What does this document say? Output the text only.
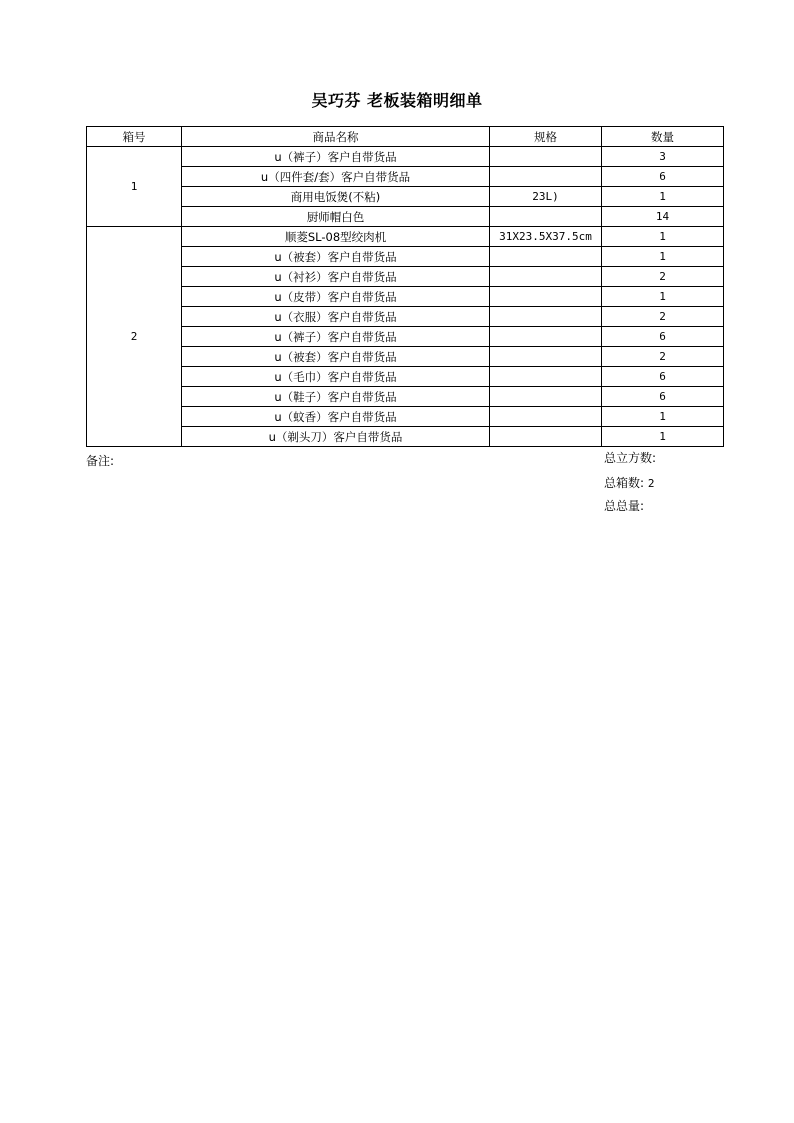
吴巧芬 老板装箱明细单
箱号	商品名称	规格	数量
1	u（裤子）客户自带货品		3
	u（四件套/套）客户自带货品		6
	商用电饭煲(不粘)	23L)	1
	厨师帽白色		14
2	顺菱SL-08型绞肉机	31X23.5X37.5cm	1
	u（被套）客户自带货品		1
	u（衬衫）客户自带货品		2
	u（皮带）客户自带货品		1
	u（衣服）客户自带货品		2
	u（裤子）客户自带货品		6
	u（被套）客户自带货品		2
	u（毛巾）客户自带货品		6
	u（鞋子）客户自带货品		6
	u（蚊香）客户自带货品		1
	u（剃头刀）客户自带货品		1
备注:	总立方数:
总箱数: 2
总总量:
